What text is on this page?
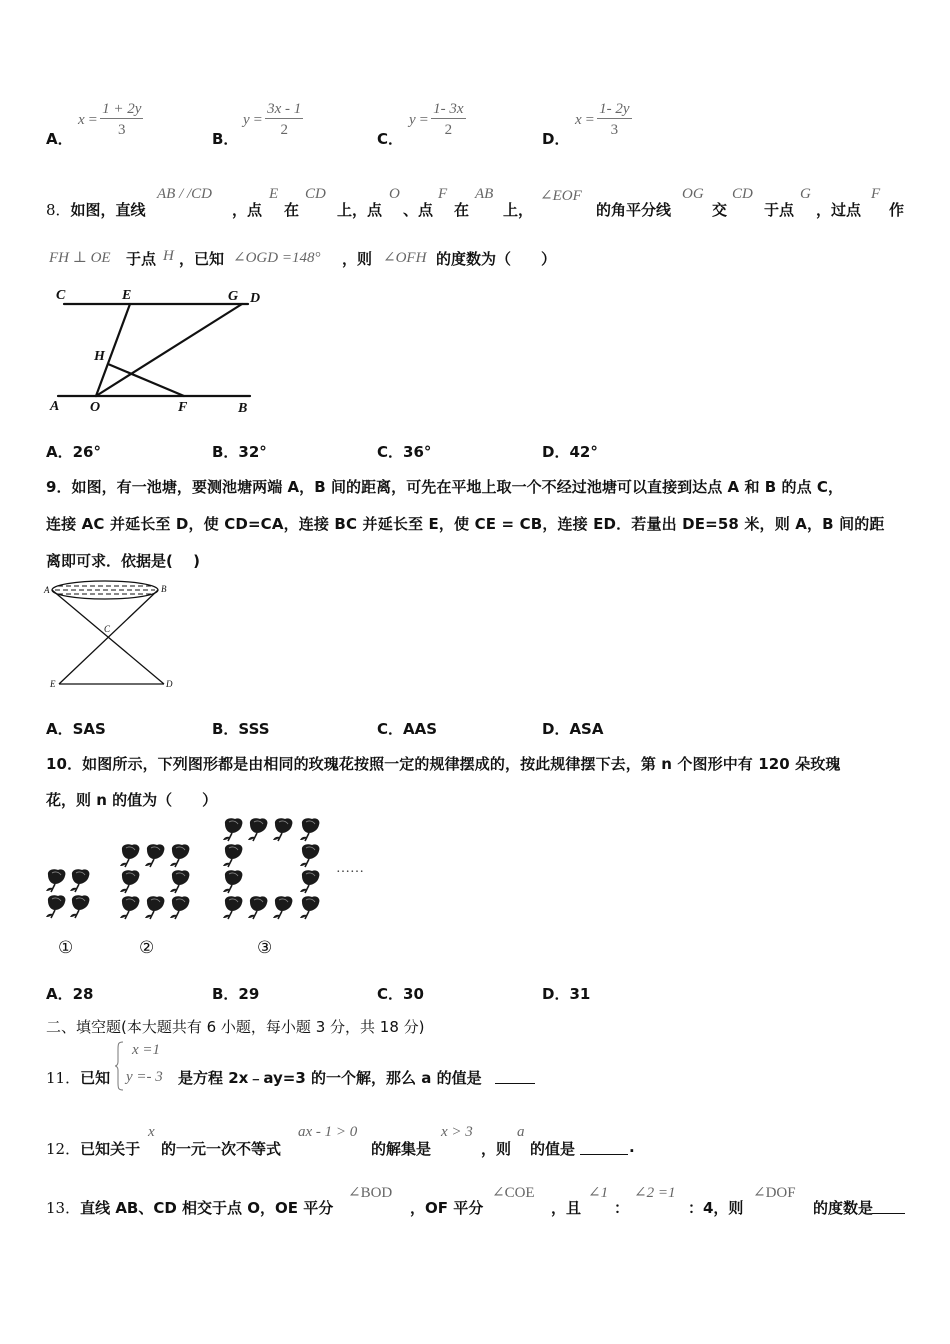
A．
$x = \frac{1 + 2y}{3}$	B．
$y = \frac{3x - 1}{2}$	C．
$y = \frac{1- 3x}{2}$	D．
$x = \frac{1- 2y}{3}$
8．如图，直线
AB / /CD
，点
E
在
CD
上，点
O
、点
F
在
AB
上，
∠EOF
的角平分线
OG
交
CD
于点
G
，过点
F
作
FH ⊥ OE 于点 H ，已知 ∠OGD =148° ，则 ∠OFH 的度数为（　　）
C	E	G D
H
A O	F	B
A．26°	B．32°	C．36°	D．42°
9．如图，有一池塘，要测池塘两端 A，B 间的距离，可先在平地上取一个不经过池塘可以直接到达点 A 和 B 的点 C，
连接 AC 并延长至 D，使 CD=CA，连接 BC 并延长至 E，使 CE = CB，连接 ED．若量出 DE=58 米，则 A，B 间的距
离即可求．依据是(　 )
A	B
C
E	D
A．SAS	B．SSS	C．AAS	D．ASA
10．如图所示，下列图形都是由相同的玫瑰花按照一定的规律摆成的，按此规律摆下去，第 n 个图形中有 120 朵玫瑰
花，则 n 的值为（　　）
……
①	②	③
A．28	B．29	C．30	D．31
二、填空题(本大题共有 6 小题，每小题 3 分，共 18 分)
11．已知
x =1
y =- 3 是方程 2x﹣ay=3 的一个解，那么 a 的值是
12．已知关于
x
的一元一次不等式
ax - 1 > 0
的解集是
x > 3
，则
a
的值是	.
13．直线 AB、CD 相交于点 O，OE 平分
∠BOD
，OF 平分
∠COE
，且
∠1
：
∠2 =1
：4，则
∠DOF
的度数是
